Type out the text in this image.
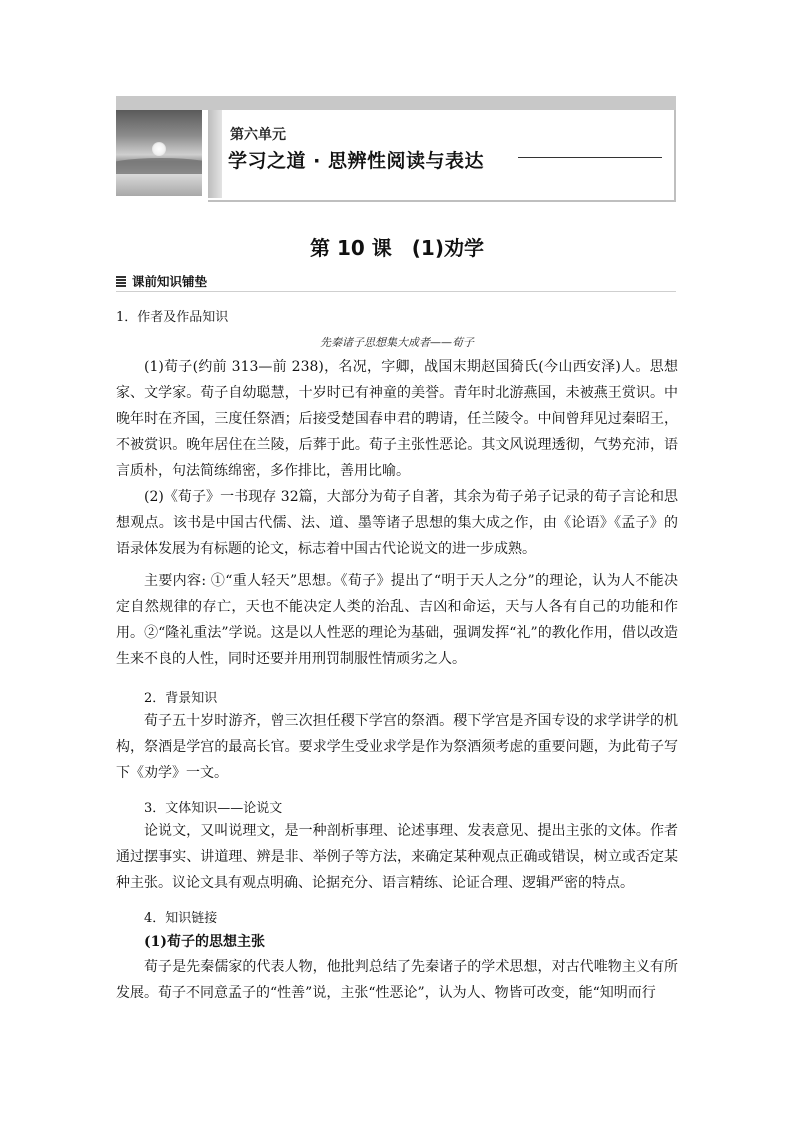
第六单元
学习之道 · 思辨性阅读与表达
第 10 课　(1)劝学
课前知识铺垫
1．作者及作品知识
先秦诸子思想集大成者——荀子
(1)荀子(约前 313—前 238)，名况，字卿，战国末期赵国猗氏(今山西安泽)人。思想家、文学家。荀子自幼聪慧，十岁时已有神童的美誉。青年时北游燕国，未被燕王赏识。中晚年时在齐国，三度任祭酒；后接受楚国春申君的聘请，任兰陵令。中间曾拜见过秦昭王，不被赏识。晚年居住在兰陵，后葬于此。荀子主张性恶论。其文风说理透彻，气势充沛，语言质朴，句法简练绵密，多作排比，善用比喻。
(2)《荀子》一书现存 32篇，大部分为荀子自著，其余为荀子弟子记录的荀子言论和思想观点。该书是中国古代儒、法、道、墨等诸子思想的集大成之作，由《论语》《孟子》的语录体发展为有标题的论文，标志着中国古代论说文的进一步成熟。
主要内容: ①“重人轻天”思想。《荀子》提出了“明于天人之分”的理论，认为人不能决定自然规律的存亡，天也不能决定人类的治乱、吉凶和命运，天与人各有自己的功能和作用。②“隆礼重法”学说。这是以人性恶的理论为基础，强调发挥“礼”的教化作用，借以改造生来不良的人性，同时还要并用刑罚制服性情顽劣之人。
2．背景知识
荀子五十岁时游齐，曾三次担任稷下学宫的祭酒。稷下学宫是齐国专设的求学讲学的机构，祭酒是学宫的最高长官。要求学生受业求学是作为祭酒须考虑的重要问题，为此荀子写下《劝学》一文。
3．文体知识——论说文
论说文，又叫说理文，是一种剖析事理、论述事理、发表意见、提出主张的文体。作者通过摆事实、讲道理、辨是非、举例子等方法，来确定某种观点正确或错误，树立或否定某种主张。议论文具有观点明确、论据充分、语言精练、论证合理、逻辑严密的特点。
4．知识链接
(1)荀子的思想主张
荀子是先秦儒家的代表人物，他批判总结了先秦诸子的学术思想，对古代唯物主义有所发展。荀子不同意孟子的“性善”说，主张“性恶论”，认为人、物皆可改变，能“知明而行
